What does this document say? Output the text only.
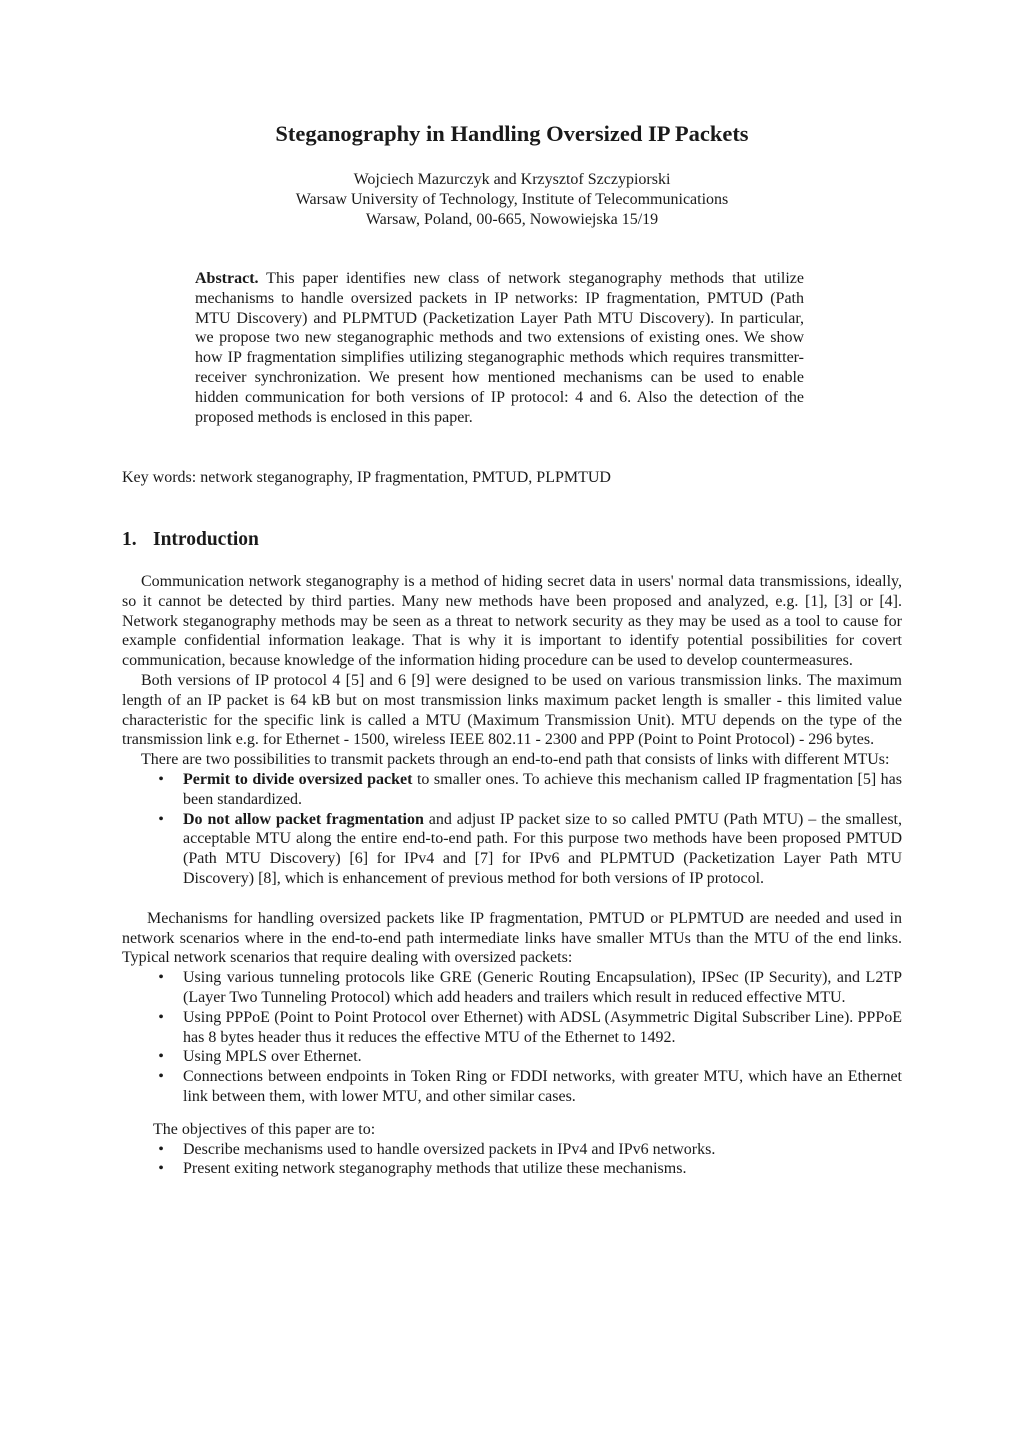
Steganography in Handling Oversized IP Packets
Wojciech Mazurczyk and Krzysztof Szczypiorski
Warsaw University of Technology, Institute of Telecommunications
Warsaw, Poland, 00-665, Nowowiejska 15/19

Abstract. This paper identifies new class of network steganography methods that utilize mechanisms to handle oversized packets in IP networks: IP fragmentation, PMTUD (Path MTU Discovery) and PLPMTUD (Packetization Layer Path MTU Discovery). In particular, we propose two new steganographic methods and two extensions of existing ones. We show how IP fragmentation simplifies utilizing steganographic methods which requires transmitter-receiver synchronization. We present how mentioned mechanisms can be used to enable hidden communication for both versions of IP protocol: 4 and 6. Also the detection of the proposed methods is enclosed in this paper.

Key words: network steganography, IP fragmentation, PMTUD, PLPMTUD

1. Introduction

Communication network steganography is a method of hiding secret data in users' normal data transmissions, ideally, so it cannot be detected by third parties. Many new methods have been proposed and analyzed, e.g. [1], [3] or [4]. Network steganography methods may be seen as a threat to network security as they may be used as a tool to cause for example confidential information leakage. That is why it is important to identify potential possibilities for covert communication, because knowledge of the information hiding procedure can be used to develop countermeasures.

Both versions of IP protocol 4 [5] and 6 [9] were designed to be used on various transmission links. The maximum length of an IP packet is 64 kB but on most transmission links maximum packet length is smaller - this limited value characteristic for the specific link is called a MTU (Maximum Transmission Unit). MTU depends on the type of the transmission link e.g. for Ethernet - 1500, wireless IEEE 802.11 - 2300 and PPP (Point to Point Protocol) - 296 bytes.

There are two possibilities to transmit packets through an end-to-end path that consists of links with different MTUs:

•	Permit to divide oversized packet to smaller ones. To achieve this mechanism called IP fragmentation [5] has been standardized.
•	Do not allow packet fragmentation and adjust IP packet size to so called PMTU (Path MTU) – the smallest, acceptable MTU along the entire end-to-end path. For this purpose two methods have been proposed PMTUD (Path MTU Discovery) [6] for IPv4 and [7] for IPv6 and PLPMTUD (Packetization Layer Path MTU Discovery) [8], which is enhancement of previous method for both versions of IP protocol.

Mechanisms for handling oversized packets like IP fragmentation, PMTUD or PLPMTUD are needed and used in network scenarios where in the end-to-end path intermediate links have smaller MTUs than the MTU of the end links. Typical network scenarios that require dealing with oversized packets:

•	Using various tunneling protocols like GRE (Generic Routing Encapsulation), IPSec (IP Security), and L2TP (Layer Two Tunneling Protocol) which add headers and trailers which result in reduced effective MTU.
•	Using PPPoE (Point to Point Protocol over Ethernet) with ADSL (Asymmetric Digital Subscriber Line). PPPoE has 8 bytes header thus it reduces the effective MTU of the Ethernet to 1492.
•	Using MPLS over Ethernet.
•	Connections between endpoints in Token Ring or FDDI networks, with greater MTU, which have an Ethernet link between them, with lower MTU, and other similar cases.

The objectives of this paper are to:

•	Describe mechanisms used to handle oversized packets in IPv4 and IPv6 networks.
•	Present exiting network steganography methods that utilize these mechanisms.
